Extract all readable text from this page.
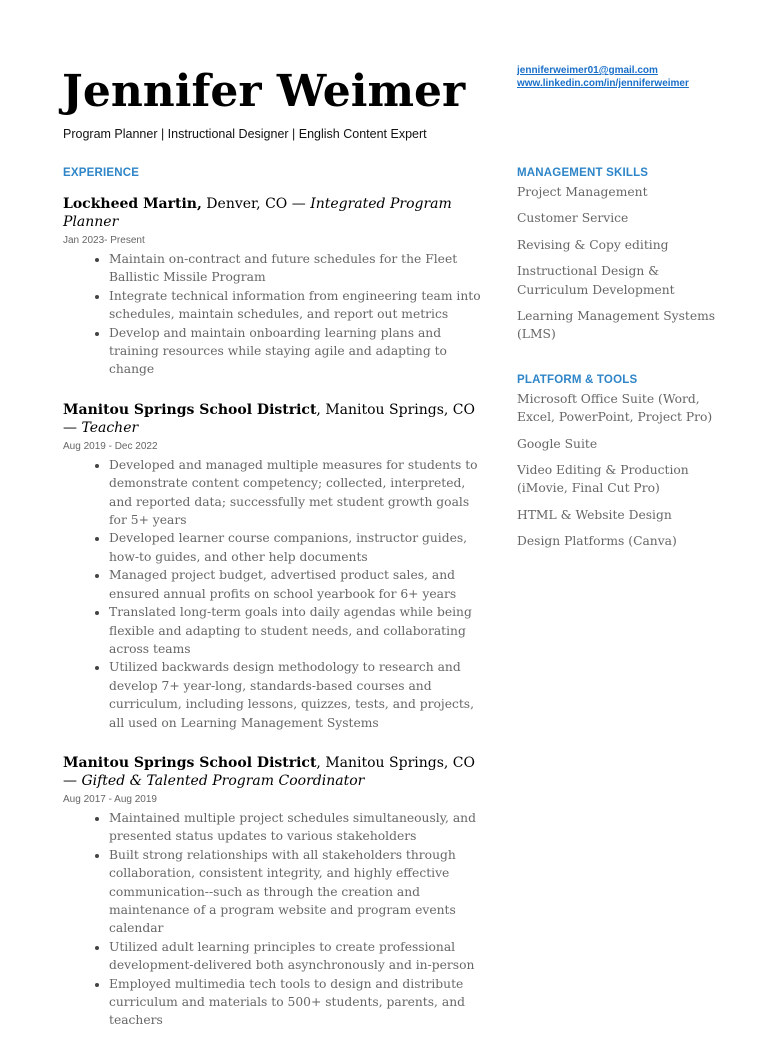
Jennifer Weimer
Program Planner | Instructional Designer | English Content Expert
jenniferweimer01@gmail.com
www.linkedin.com/in/jenniferweimer
EXPERIENCE
Lockheed Martin, Denver, CO — Integrated Program Planner
Jan 2023- Present
• Maintain on-contract and future schedules for the Fleet Ballistic Missile Program
• Integrate technical information from engineering team into schedules, maintain schedules, and report out metrics
• Develop and maintain onboarding learning plans and training resources while staying agile and adapting to change
Manitou Springs School District, Manitou Springs, CO — Teacher
Aug 2019 - Dec 2022
• Developed and managed multiple measures for students to demonstrate content competency; collected, interpreted, and reported data; successfully met student growth goals for 5+ years
• Developed learner course companions, instructor guides, how-to guides, and other help documents
• Managed project budget, advertised product sales, and ensured annual profits on school yearbook for 6+ years
• Translated long-term goals into daily agendas while being flexible and adapting to student needs, and collaborating across teams
• Utilized backwards design methodology to research and develop 7+ year-long, standards-based courses and curriculum, including lessons, quizzes, tests, and projects, all used on Learning Management Systems
Manitou Springs School District, Manitou Springs, CO — Gifted & Talented Program Coordinator
Aug 2017 - Aug 2019
• Maintained multiple project schedules simultaneously, and presented status updates to various stakeholders
• Built strong relationships with all stakeholders through collaboration, consistent integrity, and highly effective communication--such as through the creation and maintenance of a program website and program events calendar
• Utilized adult learning principles to create professional development-delivered both asynchronously and in-person
• Employed multimedia tech tools to design and distribute curriculum and materials to 500+ students, parents, and teachers
MANAGEMENT SKILLS
Project Management
Customer Service
Revising & Copy editing
Instructional Design & Curriculum Development
Learning Management Systems (LMS)
PLATFORM & TOOLS
Microsoft Office Suite (Word, Excel, PowerPoint, Project Pro)
Google Suite
Video Editing & Production (iMovie, Final Cut Pro)
HTML & Website Design
Design Platforms (Canva)
